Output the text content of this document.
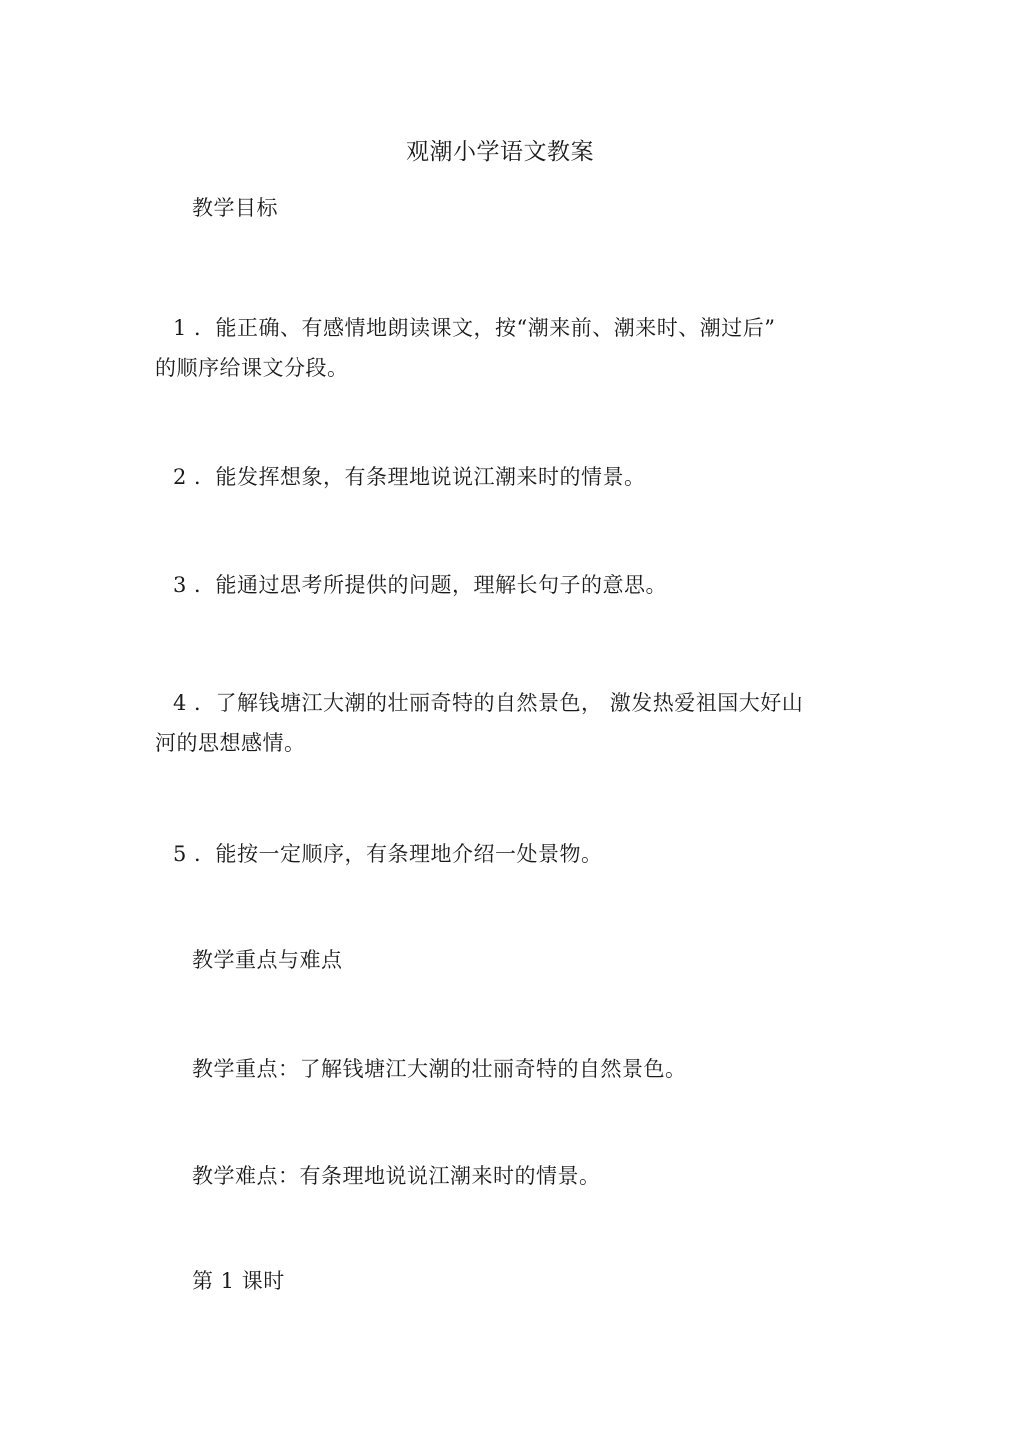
观潮小学语文教案
教学目标
1 ．能正确、有感情地朗读课文，按“潮来前、潮来时、潮过后”
的顺序给课文分段。
2 ．能发挥想象，有条理地说说江潮来时的情景。
3 ．能通过思考所提供的问题，理解长句子的意思。
4 ．了解钱塘江大潮的壮丽奇特的自然景色， 激发热爱祖国大好山
河的思想感情。
5 ．能按一定顺序，有条理地介绍一处景物。
教学重点与难点
教学重点：了解钱塘江大潮的壮丽奇特的自然景色。
教学难点：有条理地说说江潮来时的情景。
第 1 课时
